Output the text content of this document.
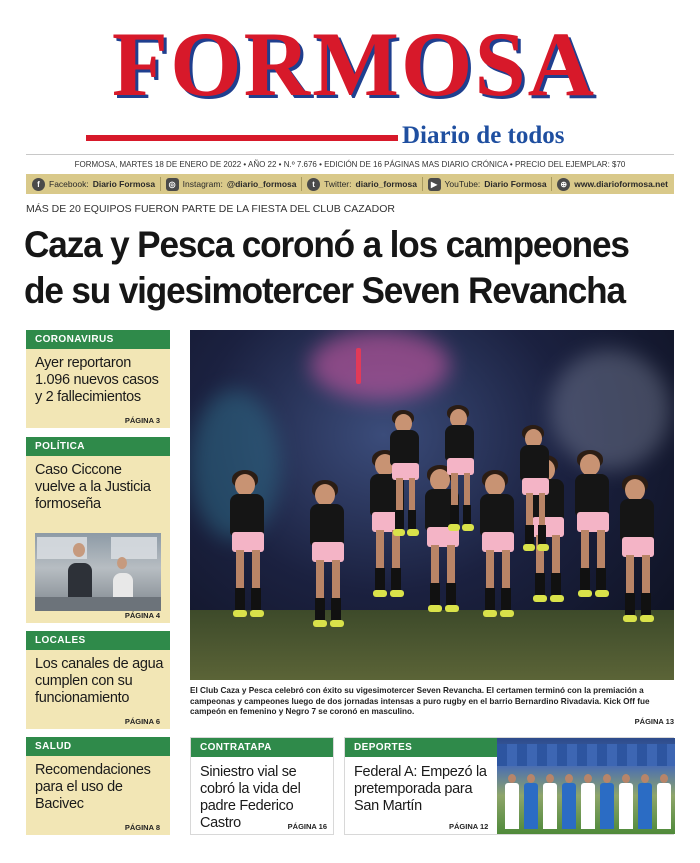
FORMOSA
Diario de todos
FORMOSA, MARTES 18 DE ENERO DE 2022 • AÑO 22 • N.º 7.676 • EDICIÓN DE 16 PÁGINAS MAS DIARIO CRÓNICA • PRECIO DEL EJEMPLAR: $70
f	Facebook: Diario Formosa	◎ Instagram: @diario_formosa	t	Twitter: diario_formosa	▶ YouTube: Diario Formosa	⊕ www.diarioformosa.net
MÁS DE 20 EQUIPOS FUERON PARTE DE LA FIESTA DEL CLUB CAZADOR
Caza y Pesca coronó a los campeones
de su vigesimotercer Seven Revancha
CORONAVIRUS
Ayer reportaron 1.096 nuevos casos y 2 fallecimientos
PÁGINA 3
POLÍTICA
Caso Ciccone vuelve a la Justicia formoseña
PÁGINA 4
LOCALES
Los canales de agua cumplen con su funcionamiento
PÁGINA 6
SALUD
Recomendaciones para el uso de Bacivec
PÁGINA 8
El Club Caza y Pesca celebró con éxito su vigesimotercer Seven Revancha. El certamen terminó con la premiación a campeonas y campeones luego de dos jornadas intensas a puro rugby en el barrio Bernardino Rivadavia. Kick Off fue campeón en femenino y Negro 7 se coronó en masculino.
PÁGINA 13
CONTRATAPA
Siniestro vial se cobró la vida del padre Federico Castro	PÁGINA 16
DEPORTES
Federal A: Empezó la pretemporada para San Martín
PÁGINA 12
